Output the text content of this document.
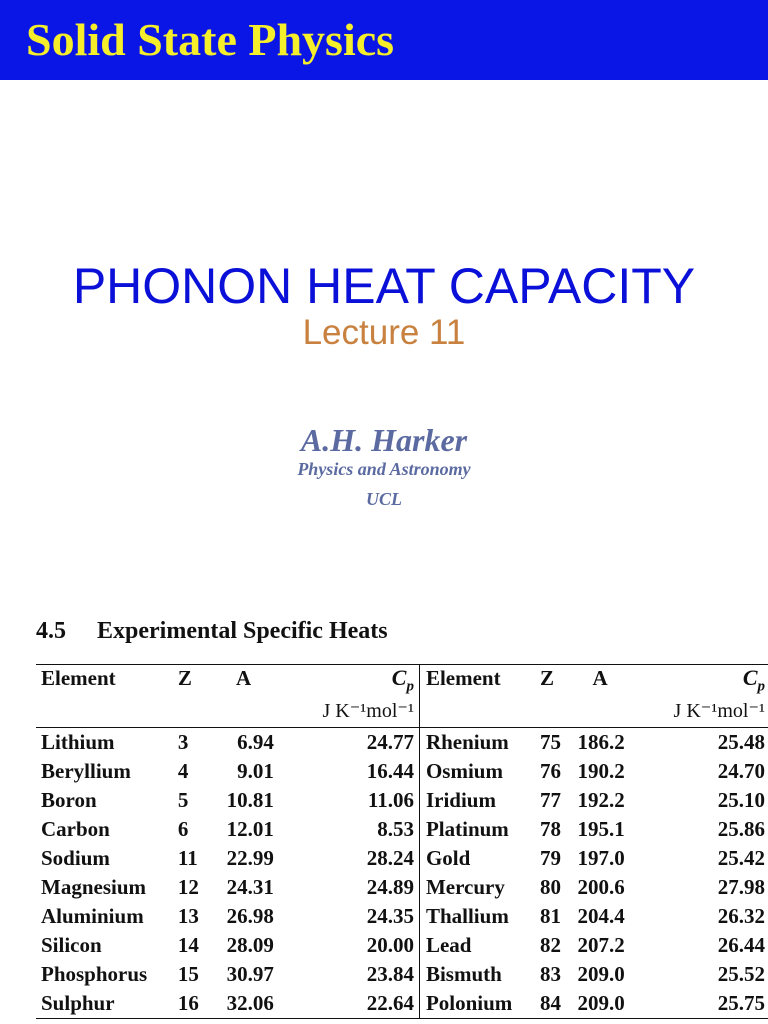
Solid State Physics
PHONON HEAT CAPACITY
Lecture 11
A.H. Harker
Physics and Astronomy
UCL
4.5 Experimental Specific Heats
Element	Z	A	$C_p$	Element	Z	A	$C_p$
			J K⁻¹mol⁻¹				J K⁻¹mol⁻¹

Lithium	3	6.94	24.77	Rhenium	75	186.2	25.48
Beryllium	4	9.01	16.44	Osmium	76	190.2	24.70
Boron	5	10.81	11.06	Iridium	77	192.2	25.10
Carbon	6	12.01	8.53	Platinum	78	195.1	25.86
Sodium	11	22.99	28.24	Gold	79	197.0	25.42
Magnesium	12	24.31	24.89	Mercury	80	200.6	27.98
Aluminium	13	26.98	24.35	Thallium	81	204.4	26.32
Silicon	14	28.09	20.00	Lead	82	207.2	26.44
Phosphorus	15	30.97	23.84	Bismuth	83	209.0	25.52
Sulphur	16	32.06	22.64	Polonium	84	209.0	25.75
